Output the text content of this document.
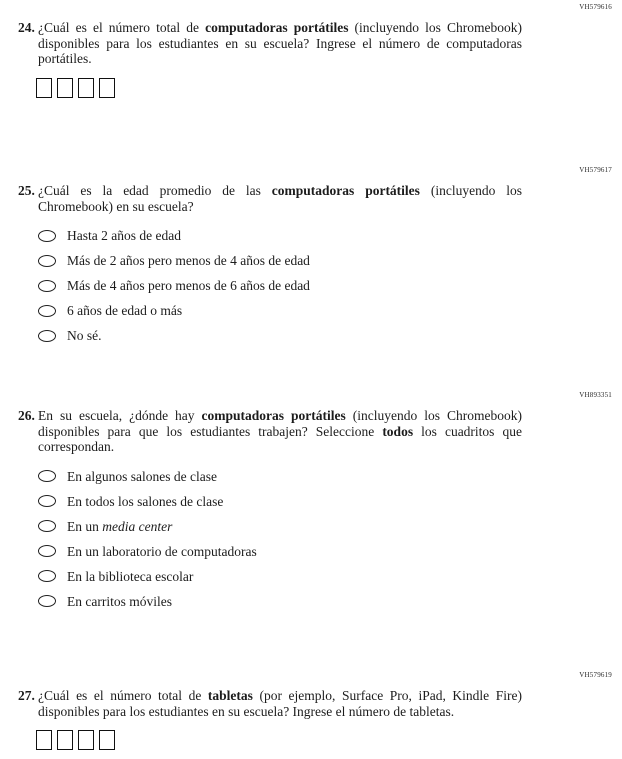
VH579616
24. ¿Cuál es el número total de computadoras portátiles (incluyendo los Chromebook) disponibles para los estudiantes en su escuela? Ingrese el número de computadoras portátiles.

VH579617
25. ¿Cuál es la edad promedio de las computadoras portátiles (incluyendo los Chromebook) en su escuela?

Hasta 2 años de edad
Más de 2 años pero menos de 4 años de edad
Más de 4 años pero menos de 6 años de edad
6 años de edad o más
No sé.
VH893351
26. En su escuela, ¿dónde hay computadoras portátiles (incluyendo los Chromebook) disponibles para que los estudiantes trabajen? Seleccione todos los cuadritos que correspondan.

En algunos salones de clase
En todos los salones de clase
En un media center
En un laboratorio de computadoras
En la biblioteca escolar
En carritos móviles
VH579619
27. ¿Cuál es el número total de tabletas (por ejemplo, Surface Pro, iPad, Kindle Fire) disponibles para los estudiantes en su escuela? Ingrese el número de tabletas.
